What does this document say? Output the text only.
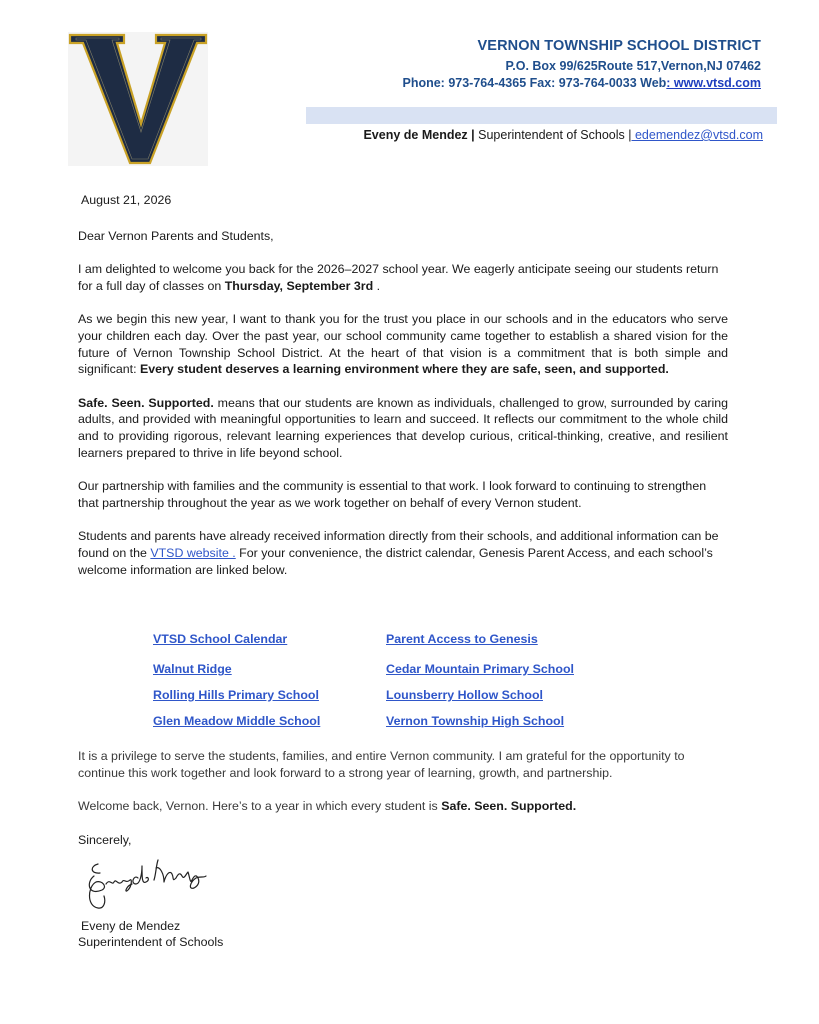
VERNON TOWNSHIP SCHOOL DISTRICT
P.O. Box 99/625Route 517,Vernon,NJ 07462
Phone: 973-764-4365 Fax: 973-764-0033 Web: www.vtsd.com
Eveny de Mendez | Superintendent of Schools | edemendez@vtsd.com
August 21, 2026
Dear Vernon Parents and Students,
I am delighted to welcome you back for the 2026–2027 school year. We eagerly anticipate seeing our students return for a full day of classes on Thursday, September 3rd .
As we begin this new year, I want to thank you for the trust you place in our schools and in the educators who serve your children each day. Over the past year, our school community came together to establish a shared vision for the future of Vernon Township School District. At the heart of that vision is a commitment that is both simple and significant: Every student deserves a learning environment where they are safe, seen, and supported.
Safe. Seen. Supported. means that our students are known as individuals, challenged to grow, surrounded by caring adults, and provided with meaningful opportunities to learn and succeed. It reflects our commitment to the whole child and to providing rigorous, relevant learning experiences that develop curious, critical-thinking, creative, and resilient learners prepared to thrive in life beyond school.
Our partnership with families and the community is essential to that work. I look forward to continuing to strengthen that partnership throughout the year as we work together on behalf of every Vernon student.
Students and parents have already received information directly from their schools, and additional information can be found on the VTSD website . For your convenience, the district calendar, Genesis Parent Access, and each school’s welcome information are linked below.
VTSD School Calendar	Parent Access to Genesis
Walnut Ridge	Cedar Mountain Primary School
Rolling Hills Primary School	Lounsberry Hollow School
Glen Meadow Middle School	Vernon Township High School
It is a privilege to serve the students, families, and entire Vernon community. I am grateful for the opportunity to continue this work together and look forward to a strong year of learning, growth, and partnership.
Welcome back, Vernon. Here’s to a year in which every student is Safe. Seen. Supported.
Sincerely,
Eveny de Mendez
Superintendent of Schools
